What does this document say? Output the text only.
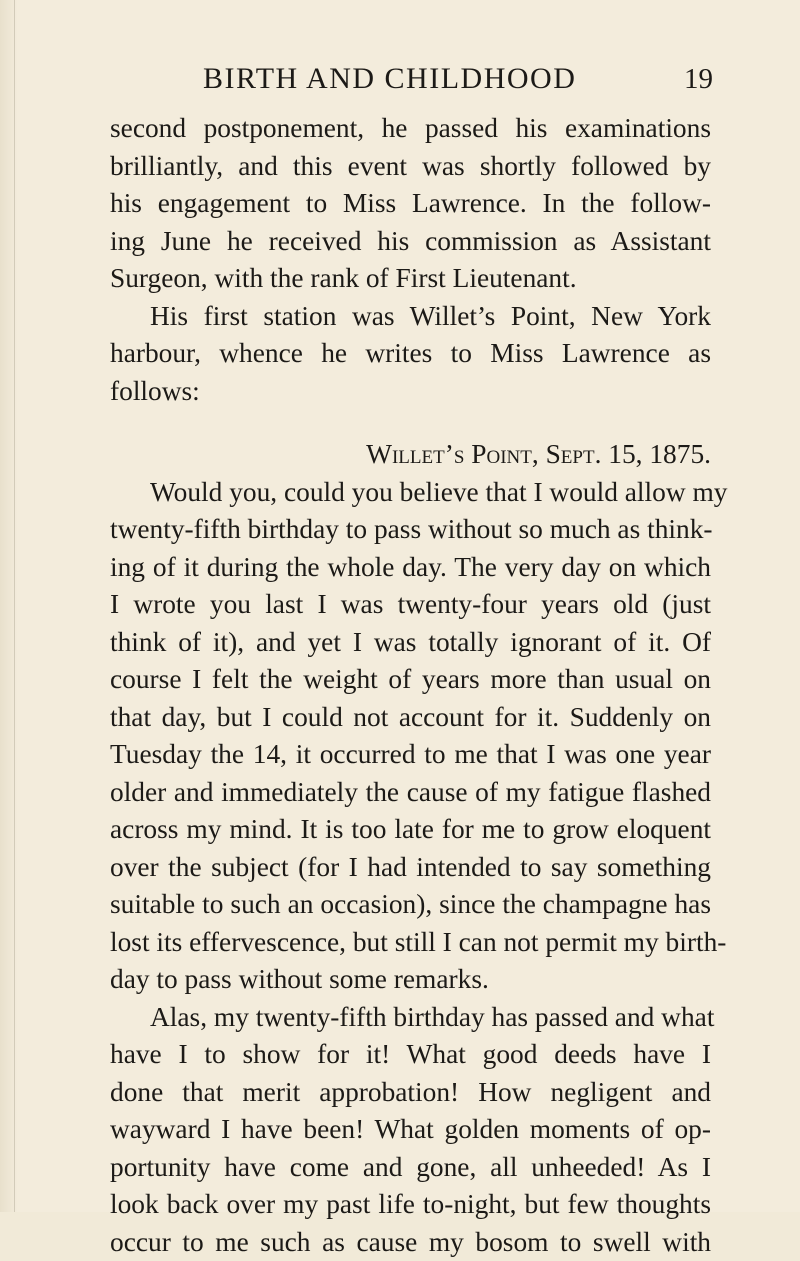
BIRTH AND CHILDHOOD	19
second postponement, he passed his examinations
brilliantly, and this event was shortly followed by
his engagement to Miss Lawrence. In the follow-
ing June he received his commission as Assistant
Surgeon, with the rank of First Lieutenant.
His first station was Willet’s Point, New York
harbour, whence he writes to Miss Lawrence as
follows:
Willet’s Point, Sept. 15, 1875.
Would you, could you believe that I would allow my
twenty-fifth birthday to pass without so much as think-
ing of it during the whole day. The very day on which
I wrote you last I was twenty-four years old (just
think of it), and yet I was totally ignorant of it. Of
course I felt the weight of years more than usual on
that day, but I could not account for it. Suddenly on
Tuesday the 14, it occurred to me that I was one year
older and immediately the cause of my fatigue flashed
across my mind. It is too late for me to grow eloquent
over the subject (for I had intended to say something
suitable to such an occasion), since the champagne has
lost its effervescence, but still I can not permit my birth-
day to pass without some remarks.
Alas, my twenty-fifth birthday has passed and what
have I to show for it! What good deeds have I
done that merit approbation! How negligent and
wayward I have been! What golden moments of op-
portunity have come and gone, all unheeded! As I
look back over my past life to-night, but few thoughts
occur to me such as cause my bosom to swell with
